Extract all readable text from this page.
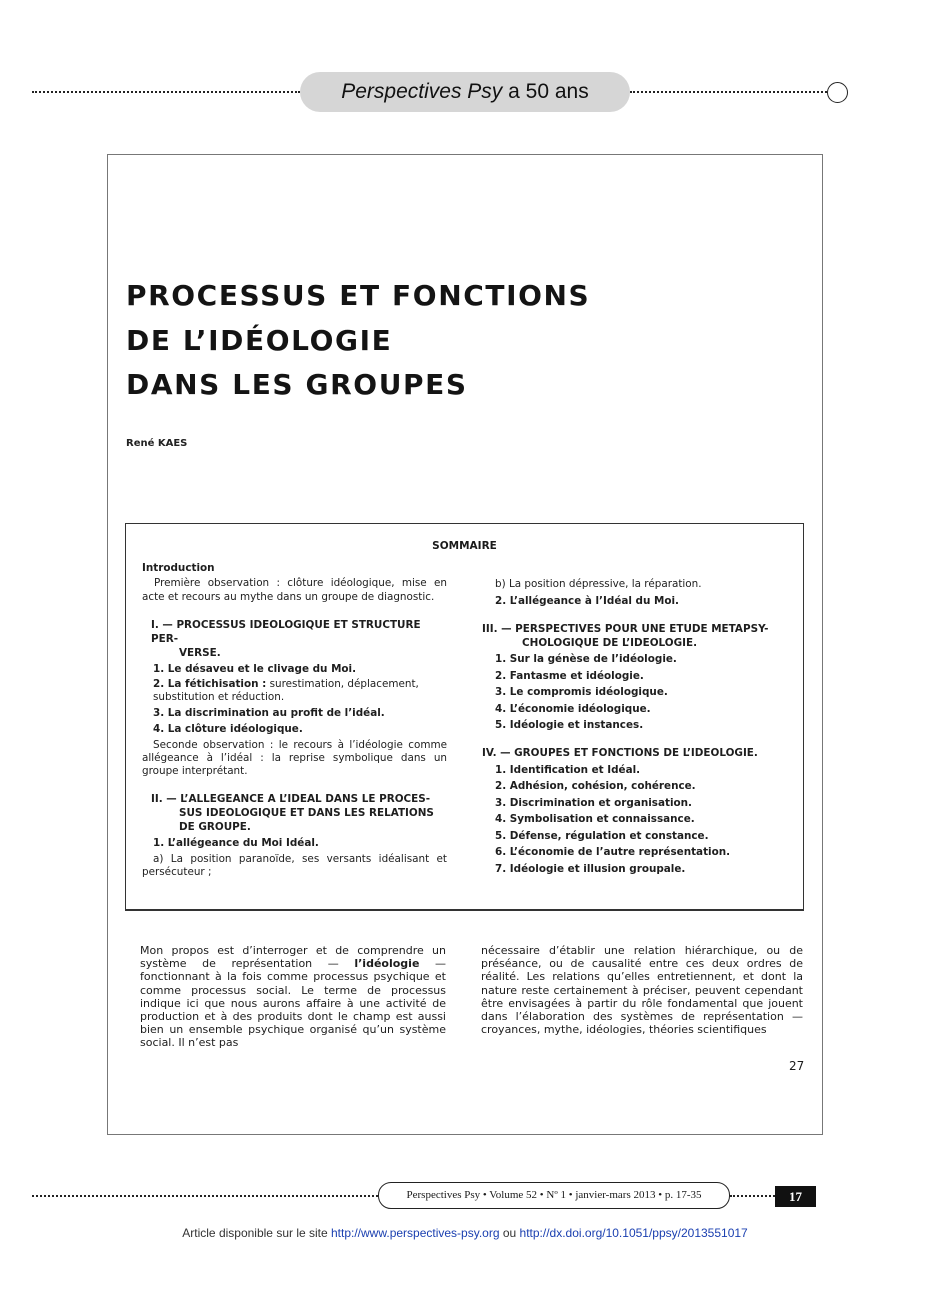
Perspectives Psy a 50 ans
PROCESSUS ET FONCTIONS
DE L’IDÉOLOGIE
DANS LES GROUPES
René KAES
SOMMAIRE
Introduction
Première observation : clôture idéologique, mise en acte et recours au mythe dans un groupe de diagnostic.
I. — PROCESSUS IDEOLOGIQUE ET STRUCTURE PER-
VERSE.
1. Le désaveu et le clivage du Moi.
2. La fétichisation : surestimation, déplacement, substitution et réduction.
3. La discrimination au profit de l’idéal.
4. La clôture idéologique.
Seconde observation : le recours à l’idéologie comme allégeance à l’idéal : la reprise symbolique dans un groupe interprétant.
II. — L’ALLEGEANCE A L’IDEAL DANS LE PROCES-
SUS IDEOLOGIQUE ET DANS LES RELATIONS
DE GROUPE.
1. L’allégeance du Moi Idéal.
a) La position paranoïde, ses versants idéalisant et persécuteur ;
b) La position dépressive, la réparation.
2. L’allégeance à l’Idéal du Moi.
III. — PERSPECTIVES POUR UNE ETUDE METAPSY-
CHOLOGIQUE DE L’IDEOLOGIE.
1. Sur la génèse de l’idéologie.
2. Fantasme et idéologie.
3. Le compromis idéologique.
4. L’économie idéologique.
5. Idéologie et instances.
IV. — GROUPES ET FONCTIONS DE L’IDEOLOGIE.
1. Identification et Idéal.
2. Adhésion, cohésion, cohérence.
3. Discrimination et organisation.
4. Symbolisation et connaissance.
5. Défense, régulation et constance.
6. L’économie de l’autre représentation.
7. Idéologie et illusion groupale.

Mon propos est d’interroger et de comprendre un système de représentation — l’idéologie — fonctionnant à la fois comme processus psychique et comme processus social. Le terme de processus indique ici que nous aurons affaire à une activité de production et à des produits dont le champ est aussi bien un ensemble psychique organisé qu’un système social. Il n’est pas

nécessaire d’établir une relation hiérarchique, ou de préséance, ou de causalité entre ces deux ordres de réalité. Les relations qu’elles entretiennent, et dont la nature reste certainement à préciser, peuvent cependant être envisagées à partir du rôle fondamental que jouent dans l’élaboration des systèmes de représentation — croyances, mythe, idéologies, théories scientifiques
27
Perspectives Psy • Volume 52 • Nº 1 • janvier-mars 2013 • p. 17-35	17
Article disponible sur le site http://www.perspectives-psy.org ou http://dx.doi.org/10.1051/ppsy/2013551017
